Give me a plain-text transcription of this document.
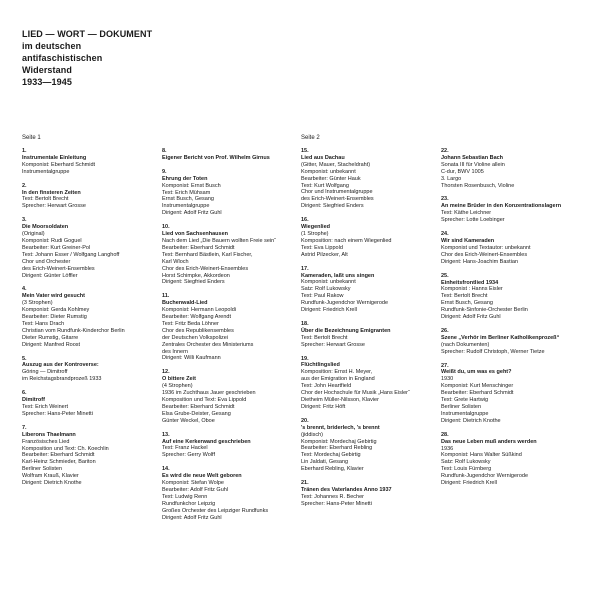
LIED — WORT — DOKUMENT
im deutschen
antifaschistischen
Widerstand
1933—1945
Seite 1	Seite 2
1.
Instrumentale Einleitung
Komponist: Eberhard Schmidt
Instrumentalgruppe
2.
In den finsteren Zeiten
Text: Bertolt Brecht
Sprecher: Herwart Grosse
3.
Die Moorsoldaten
(Original)
Komponist: Rudi Goguel
Bearbeiter: Kurt Greiner-Pol
Text: Johann Esser / Wolfgang Langhoff
Chor und Orchester
des Erich-Weinert-Ensembles
Dirigent: Günter Löffler
4.
Mein Vater wird gesucht
(3 Strophen)
Komponist: Gerda Kohlmey
Bearbeiter: Dieter Rumstig
Text: Hans Drach
Christian vom Rundfunk-Kinderchor Berlin
Dieter Rumstig, Gitarre
Dirigent: Manfred Roost
5.
Auszug aus der Kontroverse:
Göring — Dimitroff
im Reichstagsbrandprozeß 1933
6.
Dimitroff
Text: Erich Weinert
Sprecher: Hans-Peter Minetti
7.
Liberons Thaelmann
Französisches Lied
Komposition und Text: Ch. Koechlin
Bearbeiter: Eberhard Schmidt
Karl-Heinz Schmieder, Bariton
Berliner Solisten
Wolfram Krauß, Klavier
Dirigent: Dietrich Knothe
8.
Eigener Bericht von Prof. Wilhelm Girnus
9.
Ehrung der Toten
Komponist: Ernst Busch
Text: Erich Mühsam
Ernst Busch, Gesang
Instrumentalgruppe
Dirigent: Adolf Fritz Guhl
10.
Lied von Sachsenhausen
Nach dem Lied „Die Bauern wollten Freie sein“
Bearbeiter: Eberhard Schmidt
Text: Bernhard Bästlein, Karl Fischer,
Karl Wloch
Chor des Erich-Weinert-Ensembles
Horst Schimpke, Akkordeon
Dirigent: Siegfried Enders
11.
Buchenwald-Lied
Komponist: Hermann Leopoldi
Bearbeiter: Wolfgang Arendt
Text: Fritz Beda Löhner
Chor des Republikensembles
der Deutschen Volkspolizei
Zentrales Orchester des Ministeriums
des Innern
Dirigent: Willi Kaufmann
12.
O bittere Zeit
(4 Strophen)
1936 im Zuchthaus Jauer geschrieben
Komposition und Text: Eva Lippold
Bearbeiter: Eberhard Schmidt
Elsa Grube-Deister, Gesang
Günter Weckel, Oboe
13.
Auf eine Kerkerwand geschrieben
Text: Franz Hackel
Sprecher: Gerry Wolff
14.
Es wird die neue Welt geboren
Komponist: Stefan Wolpe
Bearbeiter: Adolf Fritz Guhl
Text: Ludwig Renn
Rundfunkchor Leipzig
Großes Orchester des Leipziger Rundfunks
Dirigent: Adolf Fritz Guhl
15.
Lied aus Dachau
(Gitter, Mauer, Stacheldraht)
Komponist: unbekannt
Bearbeiter: Günter Hauk
Text: Kurt Wolfgang
Chor und Instrumentalgruppe
des Erich-Weinert-Ensembles
Dirigent: Siegfried Enders
16.
Wiegenlied
(1 Strophe)
Komposition: nach einem Wiegenlied
Text: Eva Lippold
Astrid Pilzecker, Alt
17.
Kameraden, laßt uns singen
Komponist: unbekannt
Satz: Rolf Lukowsky
Text: Paul Rakow
Rundfunk-Jugendchor Wernigerode
Dirigent: Friedrich Krell
18.
Über die Bezeichnung Emigranten
Text: Bertolt Brecht
Sprecher: Herwart Grosse
19.
Flüchtlingslied
Komposition: Ernst H. Meyer,
aus der Emigration in England
Text: John Heartfield
Chor der Hochschule für Musik „Hans Eisler“
Dietheim Müller-Nilsson, Klavier
Dirigent: Fritz Höft
20.
's brennt, briderlech, 's brennt
(jiddisch)
Komponist: Mordechaj Gebirtig
Bearbeiter: Eberhard Rebling
Text: Mordechaj Gebirtig
Lin Jaldati, Gesang
Eberhard Rebling, Klavier
21.
Tränen des Vaterlandes Anno 1937
Text: Johannes R. Becher
Sprecher: Hans-Peter Minetti
22.
Johann Sebastian Bach
Sonata III für Violine allein
C-dur, BWV 1005
3. Largo
Thorsten Rosenbusch, Violine
23.
An meine Brüder in den Konzentrationslagern
Text: Käthe Leichner
Sprecher: Lotte Loebinger
24.
Wir sind Kameraden
Komponist und Textautor: unbekannt
Chor des Erich-Weinert-Ensembles
Dirigent: Hans-Joachim Bastian
25.
Einheitsfrontlied 1934
Komponist : Hanns Eisler
Text: Bertolt Brecht
Ernst Busch, Gesang
Rundfunk-Sinfonie-Orchester Berlin
Dirigent: Adolf Fritz Guhl
26.
Szene „Verhör im Berliner Katholikenprozeß“
(nach Dokumenten)
Sprecher: Rudolf Christoph, Werner Tietze
27.
Weißt du, um was es geht?
1930
Komponist: Kurt Menschinger
Bearbeiter: Eberhard Schmidt
Text: Grete Hartwig
Berliner Solisten
Instrumentalgruppe
Dirigent: Dietrich Knothe
28.
Das neue Leben muß anders werden
1936
Komponist: Hans Walter Süßkind
Satz: Rolf Lukowsky
Text: Louis Fürnberg
Rundfunk-Jugendchor Wernigerode
Dirigent: Friedrich Krell
